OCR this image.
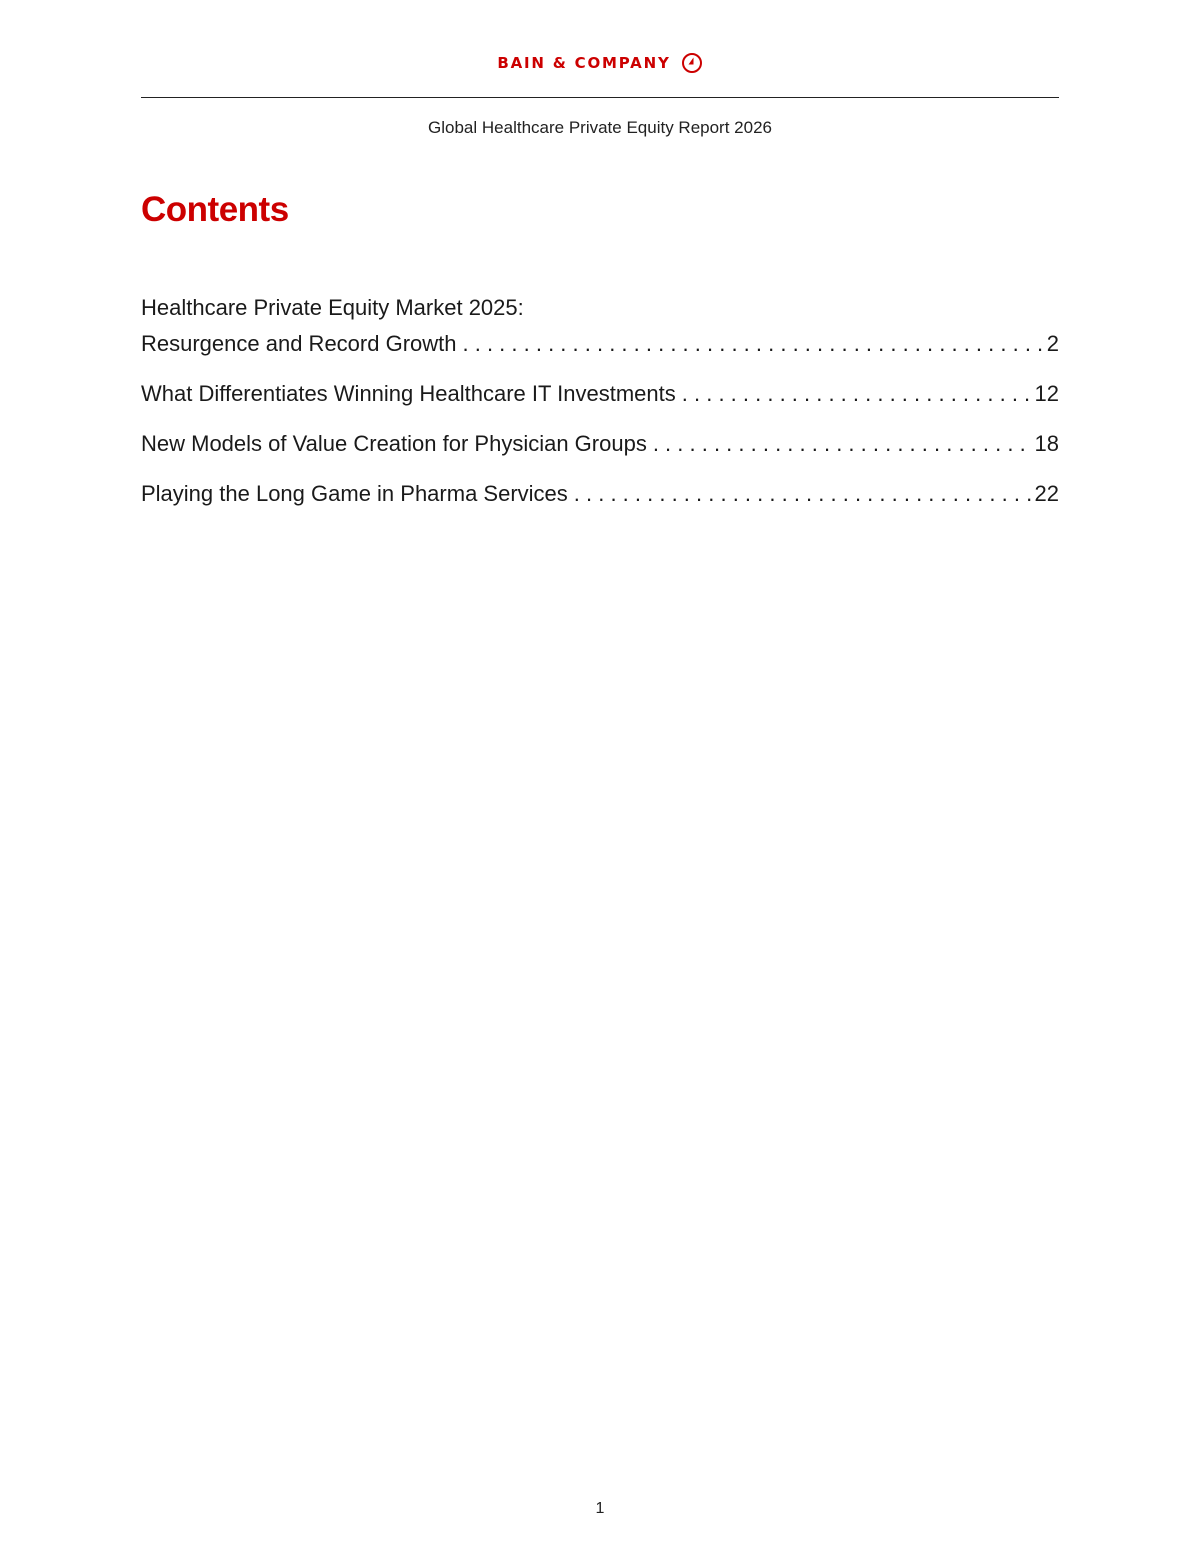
BAIN & COMPANY
Global Healthcare Private Equity Report 2026
Contents
Healthcare Private Equity Market 2025:
Resurgence and Record Growth . . .	2
What Differentiates Winning Healthcare IT Investments . . .	12
New Models of Value Creation for Physician Groups . . .	18
Playing the Long Game in Pharma Services . . .	22
1
